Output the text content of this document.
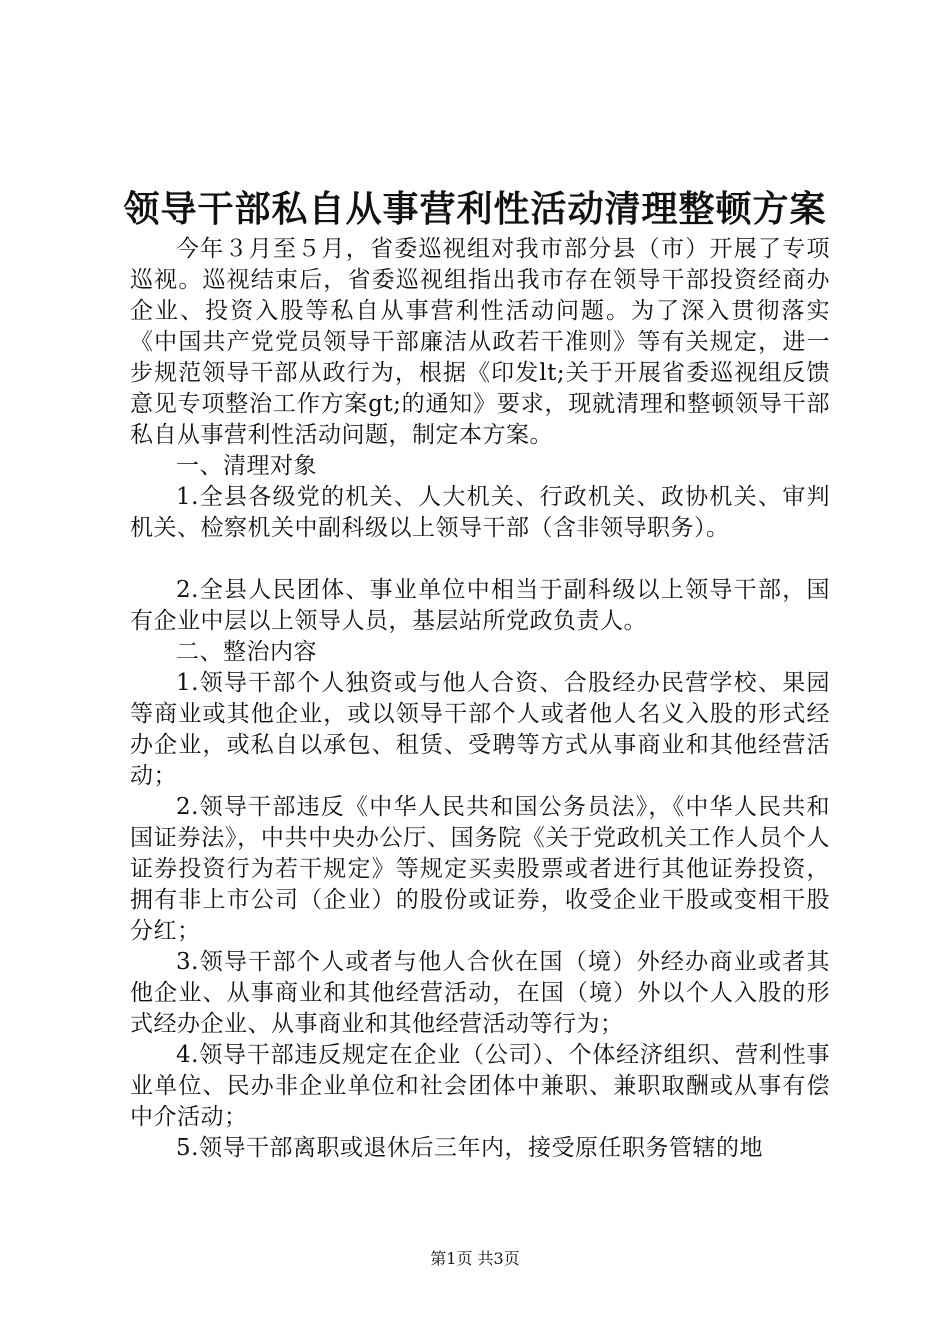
领导干部私自从事营利性活动清理整顿方案

今年３月至５月，省委巡视组对我市部分县（市）开展了专项巡视。巡视结束后，省委巡视组指出我市存在领导干部投资经商办企业、投资入股等私自从事营利性活动问题。为了深入贯彻落实《中国共产党党员领导干部廉洁从政若干准则》等有关规定，进一步规范领导干部从政行为，根据《印发lt;关于开展省委巡视组反馈意见专项整治工作方案gt;的通知》要求，现就清理和整顿领导干部私自从事营利性活动问题，制定本方案。

一、清理对象

1.全县各级党的机关、人大机关、行政机关、政协机关、审判机关、检察机关中副科级以上领导干部（含非领导职务）。

2.全县人民团体、事业单位中相当于副科级以上领导干部，国有企业中层以上领导人员，基层站所党政负责人。

二、整治内容

1.领导干部个人独资或与他人合资、合股经办民营学校、果园等商业或其他企业，或以领导干部个人或者他人名义入股的形式经办企业，或私自以承包、租赁、受聘等方式从事商业和其他经营活动；

2.领导干部违反《中华人民共和国公务员法》，《中华人民共和国证券法》，中共中央办公厅、国务院《关于党政机关工作人员个人证券投资行为若干规定》等规定买卖股票或者进行其他证券投资，拥有非上市公司（企业）的股份或证券，收受企业干股或变相干股分红；

3.领导干部个人或者与他人合伙在国（境）外经办商业或者其他企业、从事商业和其他经营活动，在国（境）外以个人入股的形式经办企业、从事商业和其他经营活动等行为；

4.领导干部违反规定在企业（公司）、个体经济组织、营利性事业单位、民办非企业单位和社会团体中兼职、兼职取酬或从事有偿中介活动；

5.领导干部离职或退休后三年内，接受原任职务管辖的地

第1页 共3页
